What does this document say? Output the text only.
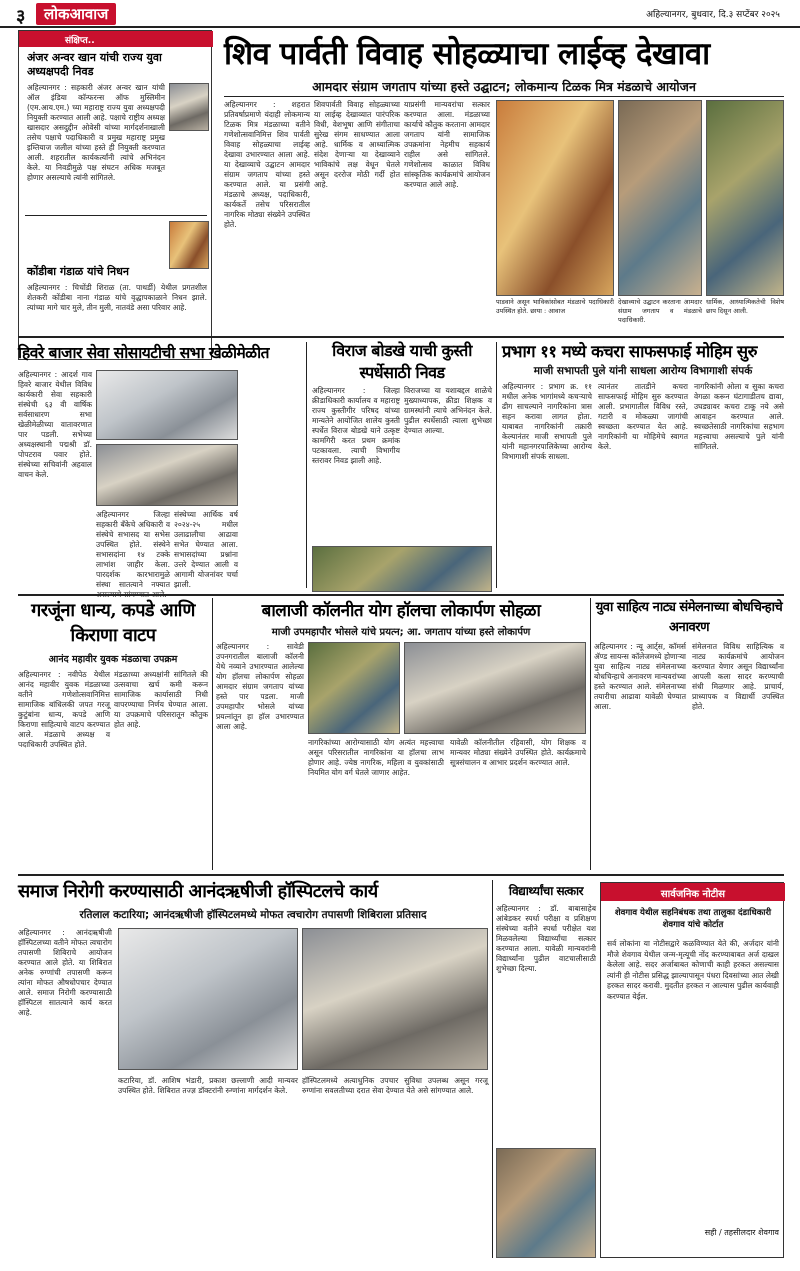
३	लोकआवाज	अहिल्यानगर, बुधवार, दि.३ सप्टेंबर २०२५
संक्षिप्त..
अंजर अन्वर खान यांची राज्य युवा अध्यक्षपदी निवड
अहिल्यानगर : सहकारी अंजर अन्वर खान यांची ऑल इंडिया कॉन्फरन्स ऑफ मुस्लिमीन (एम.आय.एम.) च्या महाराष्ट्र राज्य युवा अध्यक्षपदी नियुक्ती करण्यात आली आहे. पक्षाचे राष्ट्रीय अध्यक्ष खासदार असदुद्दीन ओवेसी यांच्या मार्गदर्शनाखाली तसेच पक्षाचे पदाधिकारी व प्रमुख महाराष्ट्र प्रमुख इम्तियाज जलील यांच्या हस्ते ही नियुक्ती करण्यात आली. शहरातील कार्यकर्त्यांनी त्यांचे अभिनंदन केले. या निवडीमुळे पक्ष संघटन अधिक मजबूत होणार असल्याचे त्यांनी सांगितले.
कोंडीबा गंडाळ यांचे निधन
अहिल्यानगर : चिचोंडी शिराळ (ता. पाथर्डी) येथील प्रगतशील शेतकरी कोंडीबा नाना गंडाळ यांचे वृद्धापकाळाने निधन झाले. त्यांच्या मागे चार मुले, तीन मुली, नातवंडे असा परिवार आहे.
शिव पार्वती विवाह सोहळ्याचा लाईव्ह देखावा
आमदार संग्राम जगताप यांच्या हस्ते उद्घाटन; लोकमान्य टिळक मित्र मंडळाचे आयोजन
अहिल्यानगर : शहरात प्रतिवर्षाप्रमाणे यंदाही लोकमान्य टिळक मित्र मंडळाच्या वतीने गणेशोत्सवानिमित्त शिव पार्वती विवाह सोहळ्याचा लाईव्ह देखावा उभारण्यात आला आहे. या देखाव्याचे उद्घाटन आमदार संग्राम जगताप यांच्या हस्ते करण्यात आले. या प्रसंगी मंडळाचे अध्यक्ष, पदाधिकारी, कार्यकर्ते तसेच परिसरातील नागरिक मोठ्या संख्येने उपस्थित होते.
शिवपार्वती विवाह सोहळ्याच्या या लाईव्ह देखाव्यात पारंपरिक विधी, वेशभूषा आणि संगीताचा सुरेख संगम साधण्यात आला आहे. धार्मिक व आध्यात्मिक संदेश देणाऱ्या या देखाव्याने भाविकांचे लक्ष वेधून घेतले असून दररोज मोठी गर्दी होत आहे.
याप्रसंगी मान्यवरांचा सत्कार करण्यात आला. मंडळाच्या कार्याचे कौतुक करताना आमदार जगताप यांनी सामाजिक उपक्रमांना नेहमीच सहकार्य राहील असे सांगितले. गणेशोत्सव काळात विविध सांस्कृतिक कार्यक्रमांचे आयोजन करण्यात आले आहे.
पाडवाने असून भाविकांसोबत मंडळाचे पदाधिकारी उपस्थित होते. छाया : आवाज
देखाव्याचे उद्घाटन करताना आमदार संग्राम जगताप व मंडळाचे पदाधिकारी.
धार्मिक, आध्यात्मिकतेची विशेष छाप दिसून आली.
हिवरे बाजार सेवा सोसायटीची सभा खेळीमेळीत
अहिल्यानगर : आदर्श गाव हिवरे बाजार येथील विविध कार्यकारी सेवा सहकारी संस्थेची ६३ वी वार्षिक सर्वसाधारण सभा खेळीमेळीच्या वातावरणात पार पडली. सभेच्या अध्यक्षस्थानी पद्मश्री डॉ. पोपटराव पवार होते. संस्थेच्या सचिवांनी अहवाल वाचन केले.
अहिल्यानगर जिल्हा सहकारी बँकेचे अधिकारी व संस्थेचे सभासद या सभेस उपस्थित होते. संस्थेने सभासदांना १४ टक्के लाभांश जाहीर केला. पारदर्शक कारभारामुळे संस्था सातत्याने नफ्यात
संस्थेच्या आर्थिक वर्ष २०२४-२५ मधील उलाढालीचा आढावा सभेत घेण्यात आला. सभासदांच्या प्रश्नांना उत्तरे देण्यात आली व आगामी योजनांवर चर्चा झाली.
विराज बोडखे याची कुस्ती स्पर्धेसाठी निवड
अहिल्यानगर : जिल्हा क्रीडाधिकारी कार्यालय व महाराष्ट्र राज्य कुस्तीगीर परिषद यांच्या मान्यतेने आयोजित शालेय कुस्ती स्पर्धेत विराज बोडखे याने उत्कृष्ट कामगिरी करत प्रथम क्रमांक पटकावला. त्याची विभागीय स्तरावर निवड झाली आहे.
विराजच्या या यशाबद्दल शाळेचे मुख्याध्यापक, क्रीडा शिक्षक व ग्रामस्थांनी त्याचे अभिनंदन केले. पुढील स्पर्धेसाठी त्याला शुभेच्छा देण्यात आल्या.
प्रभाग ११ मध्ये कचरा साफसफाई मोहिम सुरु
माजी सभापती पुले यांनी साधला आरोग्य विभागाशी संपर्क
अहिल्यानगर : प्रभाग क्र. ११ मधील अनेक भागांमध्ये कचऱ्याचे ढीग साचल्याने नागरिकांना त्रास सहन करावा लागत होता. याबाबत नागरिकांनी तक्रारी केल्यानंतर माजी सभापती पुले यांनी महानगरपालिकेच्या आरोग्य विभागाशी संपर्क साधला.
त्यानंतर तातडीने कचरा साफसफाई मोहिम सुरु करण्यात आली. प्रभागातील विविध रस्ते, गटारी व मोकळ्या जागांची स्वच्छता करण्यात येत आहे. नागरिकांनी या मोहिमेचे स्वागत केले.
नागरिकांनी ओला व सुका कचरा वेगळा करून घंटागाडीतच द्यावा, उघड्यावर कचरा टाकू नये असे आवाहन करण्यात आले. स्वच्छतेसाठी नागरिकांचा सहभाग महत्त्वाचा असल्याचे पुले यांनी सांगितले.
गरजूंना धान्य, कपडे आणि किराणा वाटप
आनंद महावीर युवक मंडळाचा उपक्रम
अहिल्यानगर : नवीपेठ येथील आनंद महावीर युवक मंडळाच्या वतीने गणेशोत्सवानिमित्त सामाजिक बांधिलकी जपत गरजू कुटुंबांना धान्य, कपडे आणि किराणा साहित्याचे वाटप करण्यात आले. मंडळाचे अध्यक्ष व पदाधिकारी उपस्थित होते.
मंडळाच्या अध्यक्षांनी सांगितले की उत्सवाचा खर्च कमी करून सामाजिक कार्यासाठी निधी वापरण्याचा निर्णय घेण्यात आला. या उपक्रमाचे परिसरातून कौतुक होत आहे.
बालाजी कॉलनीत योग हॉलचा लोकार्पण सोहळा
माजी उपमहापौर भोसले यांचे प्रयत्न; आ. जगताप यांच्या हस्ते लोकार्पण
अहिल्यानगर : सावेडी उपनगरातील बालाजी कॉलनी येथे नव्याने उभारण्यात आलेल्या योग हॉलचा लोकार्पण सोहळा आमदार संग्राम जगताप यांच्या हस्ते पार पडला. माजी उपमहापौर भोसले यांच्या प्रयत्नांतून हा हॉल उभारण्यात आला आहे.
नागरिकांच्या आरोग्यासाठी योग अत्यंत महत्त्वाचा असून परिसरातील नागरिकांना या हॉलचा लाभ होणार आहे. ज्येष्ठ नागरिक, महिला व युवकांसाठी नियमित योग वर्ग घेतले जाणार आहेत.
यावेळी कॉलनीतील रहिवासी, योग शिक्षक व मान्यवर मोठ्या संख्येने उपस्थित होते. कार्यक्रमाचे सूत्रसंचालन व आभार प्रदर्शन करण्यात आले.
युवा साहित्य नाट्य संमेलनाच्या बोधचिन्हाचे अनावरण
अहिल्यानगर : न्यू आर्ट्स, कॉमर्स ॲण्ड सायन्स कॉलेजमध्ये होणाऱ्या युवा साहित्य नाट्य संमेलनाच्या बोधचिन्हाचे अनावरण मान्यवरांच्या हस्ते करण्यात आले. संमेलनाच्या तयारीचा आढावा यावेळी घेण्यात आला.
संमेलनात विविध साहित्यिक व नाट्य कार्यक्रमांचे आयोजन करण्यात येणार असून विद्यार्थ्यांना आपली कला सादर करण्याची संधी मिळणार आहे. प्राचार्य, प्राध्यापक व विद्यार्थी उपस्थित होते.
समाज निरोगी करण्यासाठी आनंदऋषीजी हॉस्पिटलचे कार्य
रतिलाल कटारिया; आनंदऋषीजी हॉस्पिटलमध्ये मोफत त्वचारोग तपासणी शिबिराला प्रतिसाद
अहिल्यानगर : आनंदऋषीजी हॉस्पिटलच्या वतीने मोफत त्वचारोग तपासणी शिबिराचे आयोजन करण्यात आले होते. या शिबिरात अनेक रुग्णांची तपासणी करून त्यांना मोफत औषधोपचार देण्यात आले. समाज निरोगी करण्यासाठी हॉस्पिटल सातत्याने कार्य करत आहे.
कटारिया, डॉ. आशिष भंडारी, प्रकाश छल्लाणी आदी मान्यवर उपस्थित होते. शिबिरात तज्ज्ञ डॉक्टरांनी रुग्णांना मार्गदर्शन केले.
हॉस्पिटलमध्ये अत्याधुनिक उपचार सुविधा उपलब्ध असून गरजू रुग्णांना सवलतीच्या दरात सेवा देण्यात येते असे सांगण्यात आले.
विद्यार्थ्यांचा सत्कार
अहिल्यानगर : डॉ. बाबासाहेब आंबेडकर स्पर्धा परीक्षा व प्रशिक्षण संस्थेच्या वतीने स्पर्धा परीक्षेत यश मिळवलेल्या विद्यार्थ्यांचा सत्कार करण्यात आला. यावेळी मान्यवरांनी विद्यार्थ्यांना पुढील वाटचालीसाठी शुभेच्छा दिल्या.
सार्वजनिक नोटीस
शेवगाव येथील सहनिबंधक तथा तालुका दंडाधिकारी शेवगाव यांचे कोर्टात
सर्व लोकांना या नोटीसद्वारे कळविण्यात येते की, अर्जदार यांनी मौजे शेवगाव येथील जन्म-मृत्यूची नोंद करण्याबाबत अर्ज दाखल केलेला आहे. सदर अर्जाबाबत कोणाची काही हरकत असल्यास त्यांनी ही नोटीस प्रसिद्ध झाल्यापासून पंधरा दिवसांच्या आत लेखी हरकत सादर करावी. मुदतीत हरकत न आल्यास पुढील कार्यवाही करण्यात येईल.
सही / तहसीलदार शेवगाव
